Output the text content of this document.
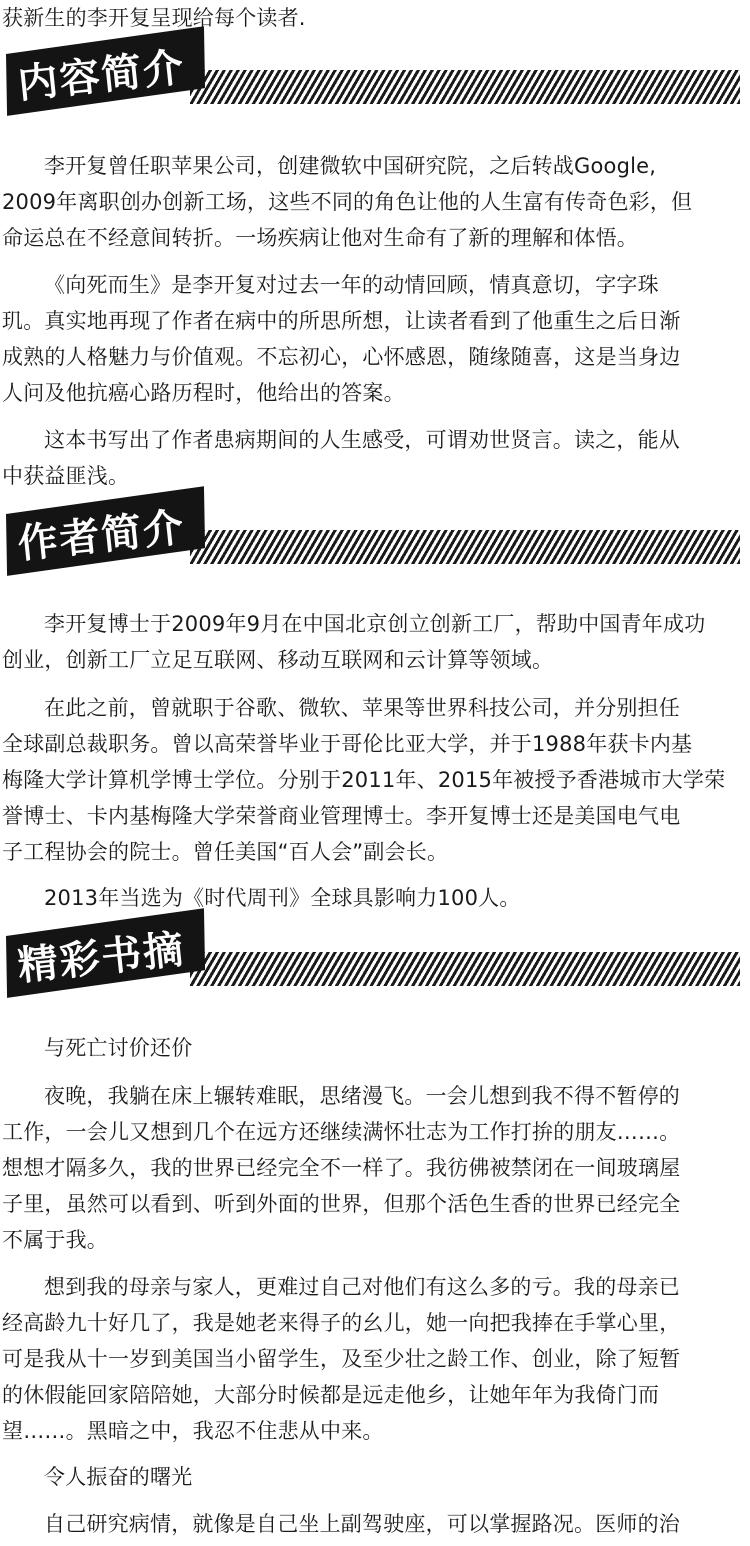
获新生的李开复呈现给每个读者.

内容简介

李开复曾任职苹果公司，创建微软中国研究院，之后转战Google,

2009年离职创办创新工场，这些不同的角色让他的人生富有传奇色彩，但

命运总在不经意间转折。一场疾病让他对生命有了新的理解和体悟。

《向死而生》是李开复对过去一年的动情回顾，情真意切，字字珠

玑。真实地再现了作者在病中的所思所想，让读者看到了他重生之后日渐

成熟的人格魅力与价值观。不忘初心，心怀感恩，随缘随喜，这是当身边

人问及他抗癌心路历程时，他给出的答案。

这本书写出了作者患病期间的人生感受，可谓劝世贤言。读之，能从

中获益匪浅。

作者简介

李开复博士于2009年9月在中国北京创立创新工厂，帮助中国青年成功

创业，创新工厂立足互联网、移动互联网和云计算等领域。

在此之前，曾就职于谷歌、微软、苹果等世界科技公司，并分别担任

全球副总裁职务。曾以高荣誉毕业于哥伦比亚大学，并于1988年获卡内基

梅隆大学计算机学博士学位。分别于2011年、2015年被授予香港城市大学荣

誉博士、卡内基梅隆大学荣誉商业管理博士。李开复博士还是美国电气电

子工程协会的院士。曾任美国“百人会”副会长。

2013年当选为《时代周刊》全球具影响力100人。

精彩书摘

与死亡讨价还价

夜晚，我躺在床上辗转难眠，思绪漫飞。一会儿想到我不得不暂停的

工作，一会儿又想到几个在远方还继续满怀壮志为工作打拚的朋友……。

想想才隔多久，我的世界已经完全不一样了。我彷佛被禁闭在一间玻璃屋

子里，虽然可以看到、听到外面的世界，但那个活色生香的世界已经完全

不属于我。

想到我的母亲与家人，更难过自己对他们有这么多的亏。我的母亲已

经高龄九十好几了，我是她老来得子的幺儿，她一向把我捧在手掌心里，

可是我从十一岁到美国当小留学生，及至少壮之龄工作、创业，除了短暂

的休假能回家陪陪她，大部分时候都是远走他乡，让她年年为我倚门而

望……。黑暗之中，我忍不住悲从中来。

令人振奋的曙光

自己研究病情，就像是自己坐上副驾驶座，可以掌握路况。医师的治
